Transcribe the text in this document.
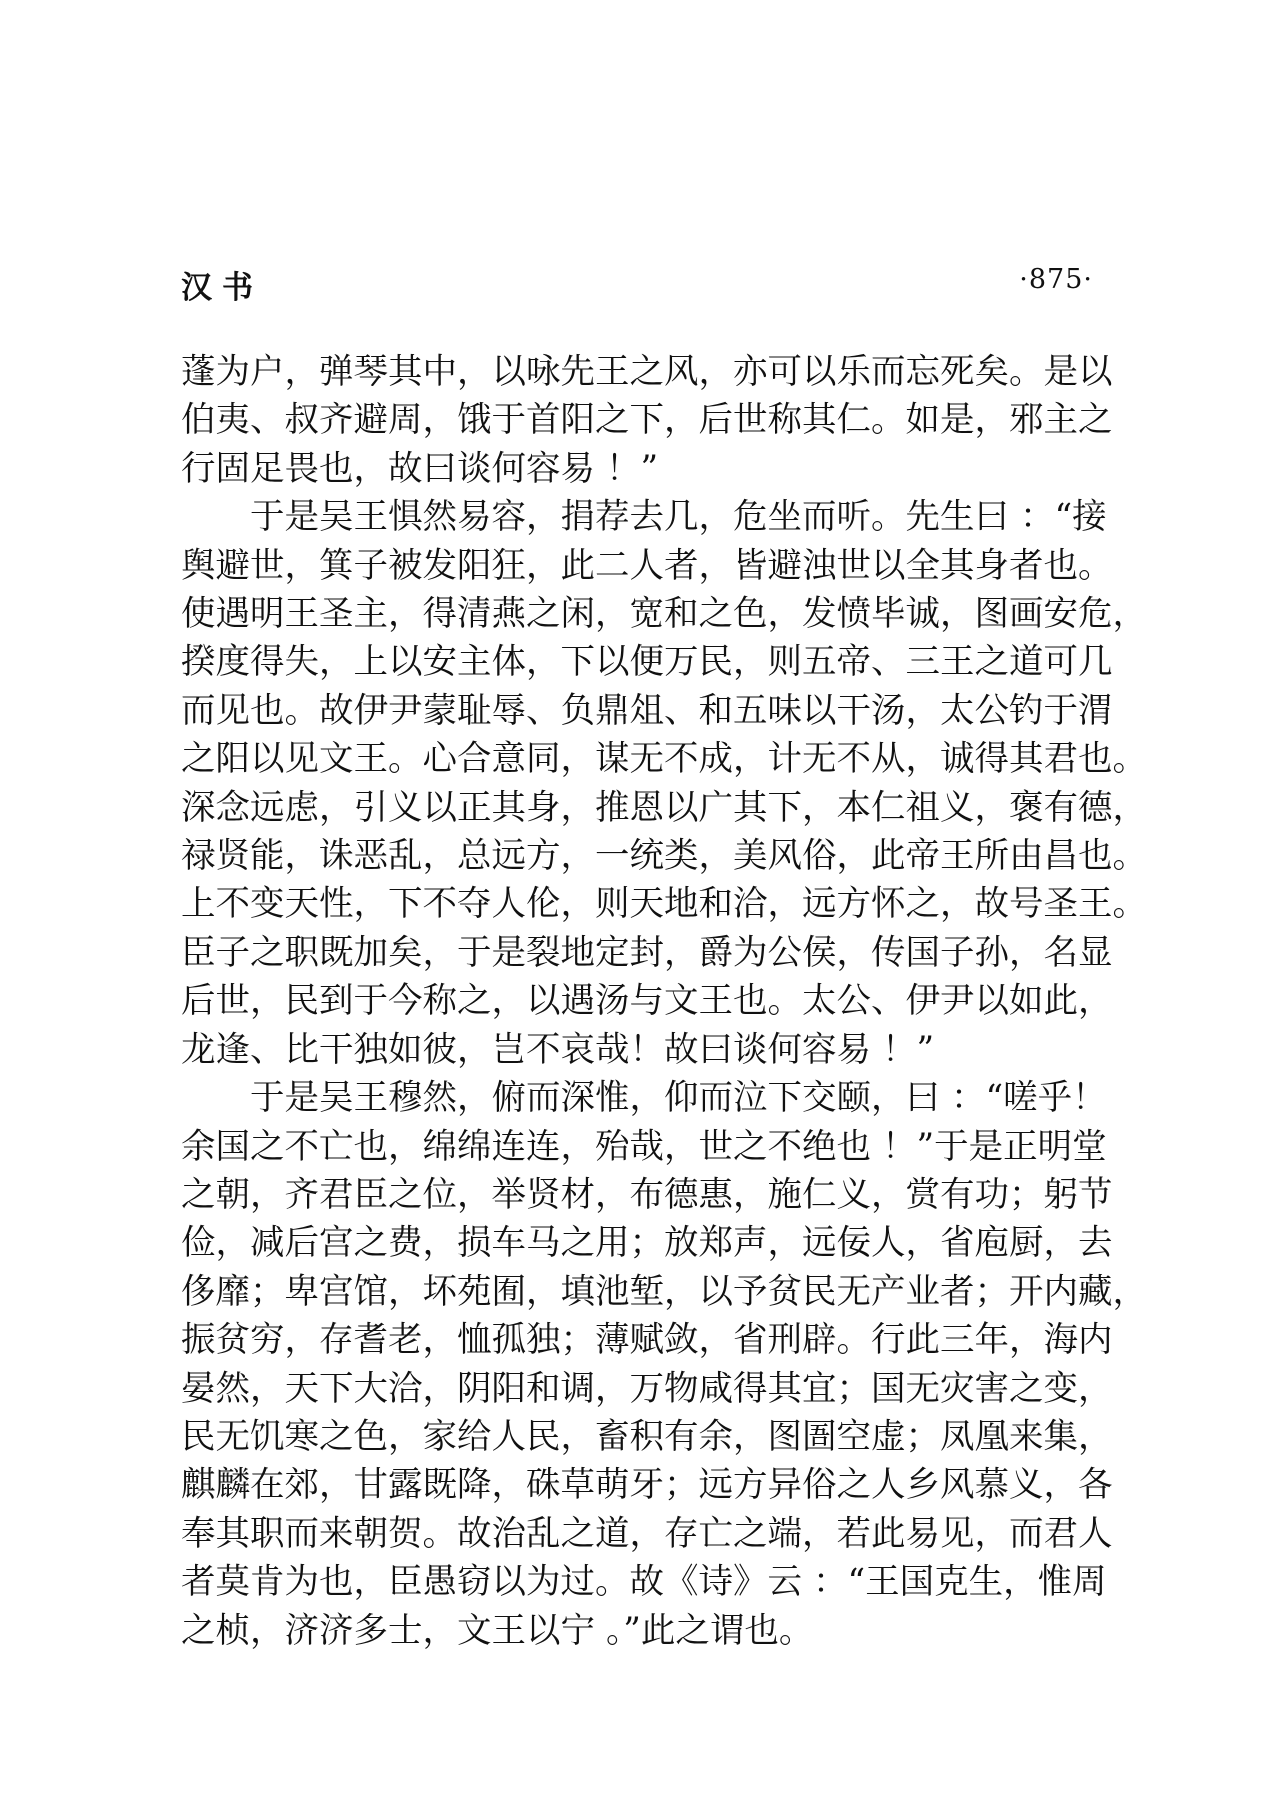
汉书	·875·
蓬为户，弹琴其中，以咏先王之风，亦可以乐而忘死矣。是以
伯夷、叔齐避周，饿于首阳之下，后世称其仁。如是，邪主之
行固足畏也，故曰谈何容易 ！”
于是吴王惧然易容，捐荐去几，危坐而听。先生曰 ：“接
舆避世，箕子被发阳狂，此二人者，皆避浊世以全其身者也。
使遇明王圣主，得清燕之闲，宽和之色，发愤毕诚，图画安危，
揆度得失，上以安主体，下以便万民，则五帝、三王之道可几
而见也。故伊尹蒙耻辱、负鼎俎、和五味以干汤，太公钓于渭
之阳以见文王。心合意同，谋无不成，计无不从，诚得其君也。
深念远虑，引义以正其身，推恩以广其下，本仁祖义，褒有德，
禄贤能，诛恶乱，总远方，一统类，美风俗，此帝王所由昌也。
上不变天性，下不夺人伦，则天地和洽，远方怀之，故号圣王。
臣子之职既加矣，于是裂地定封，爵为公侯，传国子孙，名显
后世，民到于今称之，以遇汤与文王也。太公、伊尹以如此，
龙逢、比干独如彼，岂不哀哉！故曰谈何容易 ！”
于是吴王穆然，俯而深惟，仰而泣下交颐，曰 ：“嗟乎！
余国之不亡也，绵绵连连，殆哉，世之不绝也 ！”于是正明堂
之朝，齐君臣之位，举贤材，布德惠，施仁义，赏有功；躬节
俭，减后宫之费，损车马之用；放郑声，远佞人，省庖厨，去
侈靡；卑宫馆，坏苑囿，填池堑，以予贫民无产业者；开内藏，
振贫穷，存耆老，恤孤独；薄赋敛，省刑辟。行此三年，海内
晏然，天下大洽，阴阳和调，万物咸得其宜；国无灾害之变，
民无饥寒之色，家给人民，畜积有余，图圄空虚；凤凰来集，
麒麟在郊，甘露既降，硃草萌牙；远方异俗之人乡风慕义，各
奉其职而来朝贺。故治乱之道，存亡之端，若此易见，而君人
者莫肯为也，臣愚窃以为过。故《诗》云 ：“王国克生，惟周
之桢，济济多士，文王以宁 。”此之谓也。
